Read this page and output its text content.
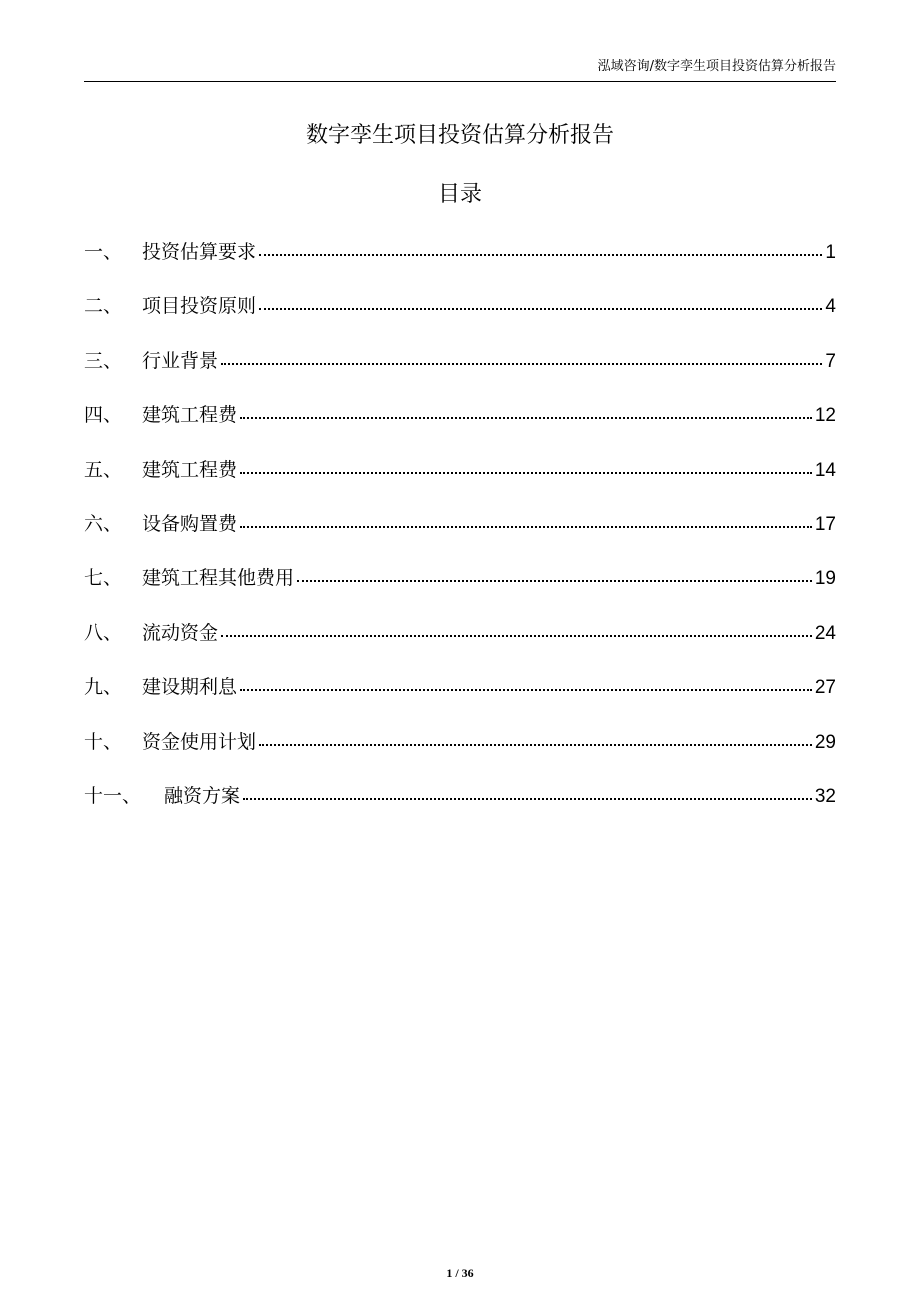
泓域咨询/数字孪生项目投资估算分析报告
数字孪生项目投资估算分析报告
目录
一、	投资估算要求	1
二、	项目投资原则	4
三、	行业背景	7
四、	建筑工程费	12
五、	建筑工程费	14
六、	设备购置费	17
七、	建筑工程其他费用	19
八、	流动资金	24
九、	建设期利息	27
十、	资金使用计划	29
十一、	融资方案	32
1 / 36
